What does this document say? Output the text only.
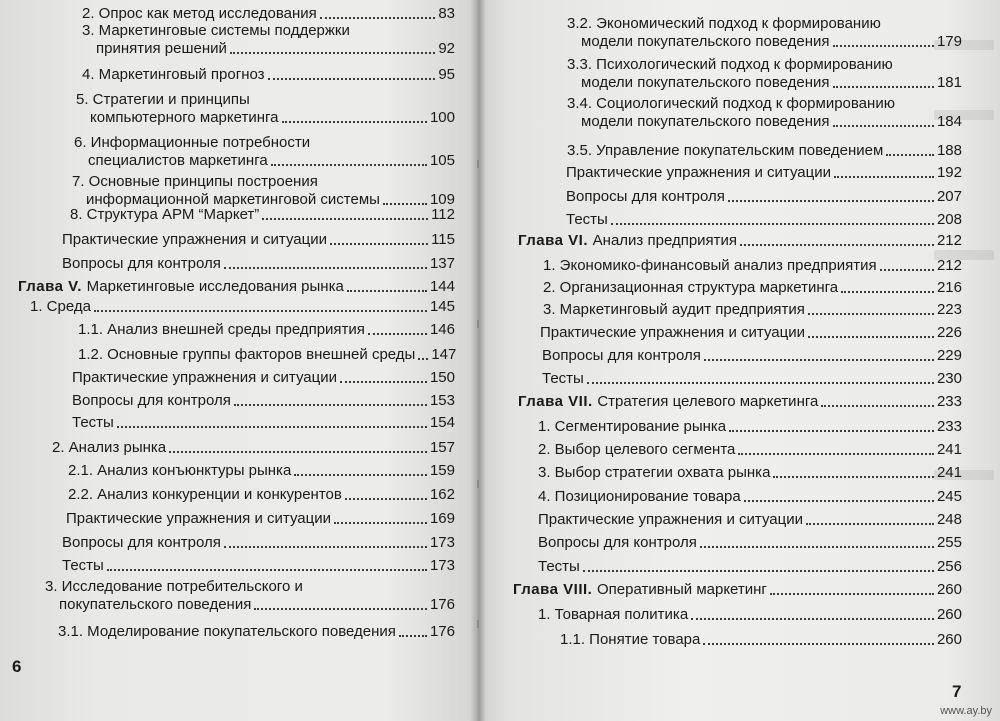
2. Опрос как метод исследования	83
3. Маркетинговые системы поддержки
принятия решений	92
4. Маркетинговый прогноз	95
5. Стратегии и принципы
компьютерного маркетинга	100
6. Информационные потребности
специалистов маркетинга	105
7. Основные принципы построения
информационной маркетинговой системы	109
8. Структура АРМ “Маркет”	112
Практические упражнения и ситуации	115
Вопросы для контроля	137
Глава V. Маркетинговые исследования рынка	144
1. Среда	145
1.1. Анализ внешней среды предприятия	146
1.2. Основные группы факторов внешней среды 147
Практические упражнения и ситуации	150
Вопросы для контроля	153
Тесты	154
2. Анализ рынка	157
2.1. Анализ конъюнктуры рынка	159
2.2. Анализ конкуренции и конкурентов	162
Практические упражнения и ситуации	169
Вопросы для контроля	173
Тесты	173
3. Исследование потребительского и
покупательского поведения	176
3.1. Моделирование покупательского поведения 176
6
3.2. Экономический подход к формированию
модели покупательского поведения	179
3.3. Психологический подход к формированию
модели покупательского поведения	181
3.4. Социологический подход к формированию
модели покупательского поведения	184
3.5. Управление покупательским поведением	188
Практические упражнения и ситуации	192
Вопросы для контроля	207
Тесты	208
Глава VI. Анализ предприятия	212
1. Экономико-финансовый анализ предприятия	212
2. Организационная структура маркетинга	216
3. Маркетинговый аудит предприятия	223
Практические упражнения и ситуации	226
Вопросы для контроля	229
Тесты	230
Глава VII. Стратегия целевого маркетинга	233
1. Сегментирование рынка	233
2. Выбор целевого сегмента	241
3. Выбор стратегии охвата рынка	241
4. Позиционирование товара	245
Практические упражнения и ситуации	248
Вопросы для контроля	255
Тесты	256
Глава VIII. Оперативный маркетинг	260
1. Товарная политика	260
1.1. Понятие товара	260
7
www.ay.by
